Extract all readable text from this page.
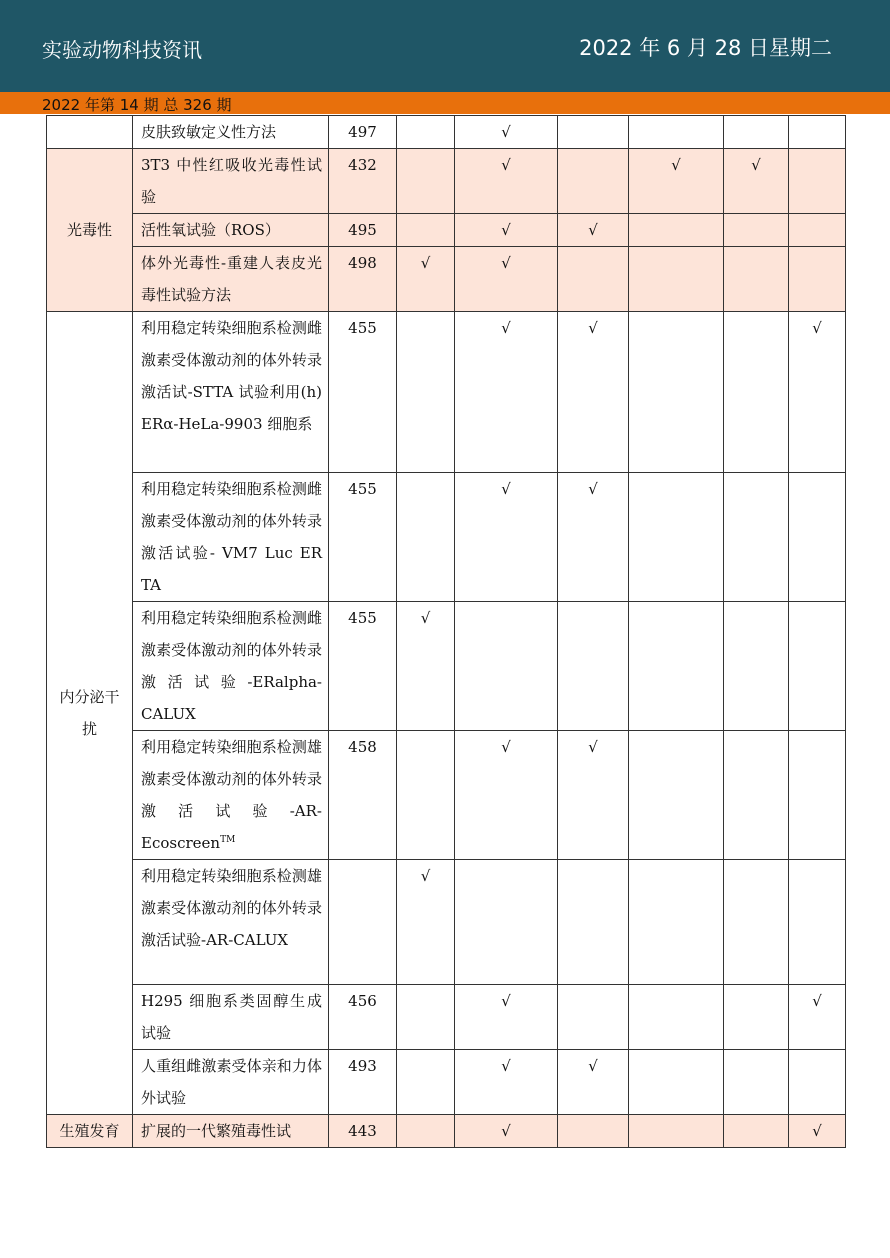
实验动物科技资讯	2022 年 6 月 28 日星期二
2022 年第 14 期 总 326 期
	皮肤致敏定义性方法	497		√				
光毒性	3T3 中性红吸收光毒性试验	432		√		√	√	
	活性氧试验（ROS）	495		√	√			
	体外光毒性-重建人表皮光毒性试验方法	498	√	√				
内分泌干扰	利用稳定转染细胞系检测雌激素受体激动剂的体外转录激活试-STTA 试验利用(h) ERα-HeLa-9903 细胞系	455		√	√			√
	利用稳定转染细胞系检测雌激素受体激动剂的体外转录激活试验- VM7 Luc ER TA	455		√	√			
	利用稳定转染细胞系检测雌激素受体激动剂的体外转录激活试验-ERalpha-CALUX	455	√					
	利用稳定转染细胞系检测雄激素受体激动剂的体外转录激活试验-AR-Ecoscreen™	458		√	√			
	利用稳定转染细胞系检测雄激素受体激动剂的体外转录激活试验-AR-CALUX		√					
	H295 细胞系类固醇生成试验	456		√				√
	人重组雌激素受体亲和力体外试验	493		√	√			
生殖发育	扩展的一代繁殖毒性试	443		√				√
